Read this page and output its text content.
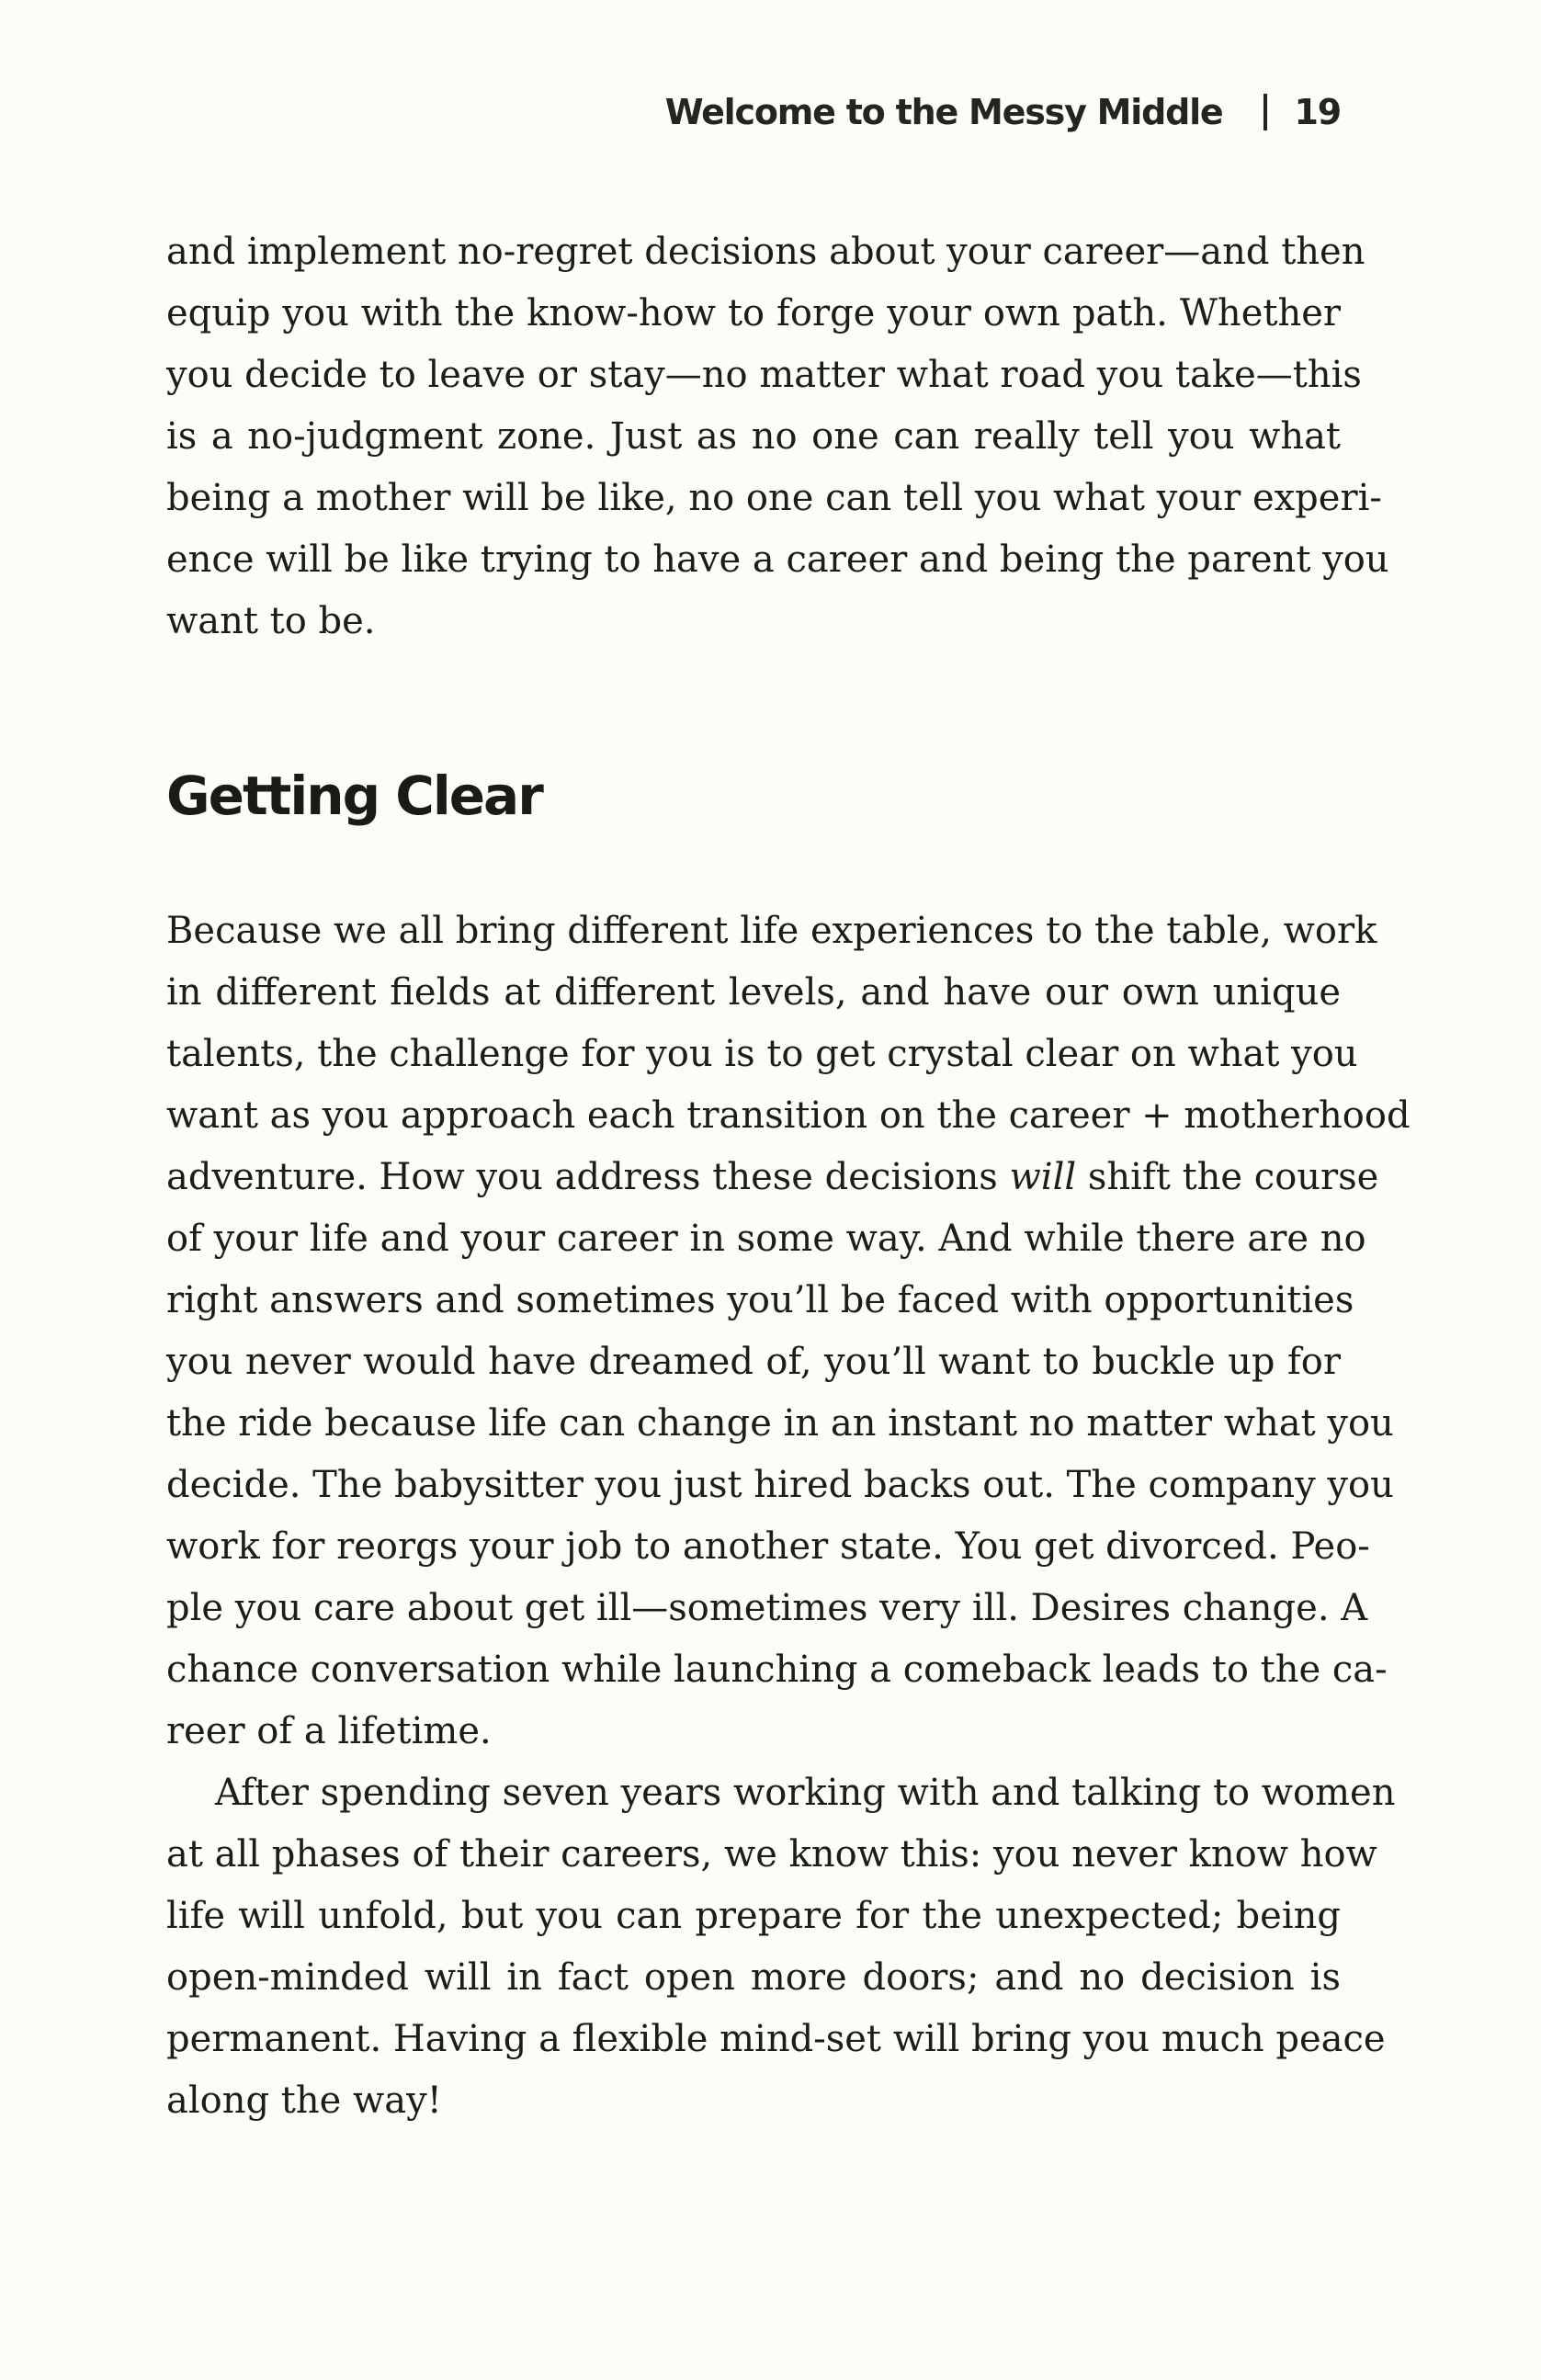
Welcome to the Messy Middle 19

and implement no-regret decisions about your career—and then
equip you with the know-how to forge your own path. Whether
you decide to leave or stay—no matter what road you take—this
is a no-judgment zone. Just as no one can really tell you what
being a mother will be like, no one can tell you what your experi-
ence will be like trying to have a career and being the parent you
want to be.

Getting Clear

Because we all bring different life experiences to the table, work
in different fields at different levels, and have our own unique
talents, the challenge for you is to get crystal clear on what you
want as you approach each transition on the career + motherhood
adventure. How you address these decisions will shift the course
of your life and your career in some way. And while there are no
right answers and sometimes you’ll be faced with opportunities
you never would have dreamed of, you’ll want to buckle up for
the ride because life can change in an instant no matter what you
decide. The babysitter you just hired backs out. The company you
work for reorgs your job to another state. You get divorced. Peo-
ple you care about get ill—sometimes very ill. Desires change. A
chance conversation while launching a comeback leads to the ca-
reer of a lifetime.

After spending seven years working with and talking to women
at all phases of their careers, we know this: you never know how
life will unfold, but you can prepare for the unexpected; being
open-minded will in fact open more doors; and no decision is
permanent. Having a flexible mind-set will bring you much peace
along the way!
